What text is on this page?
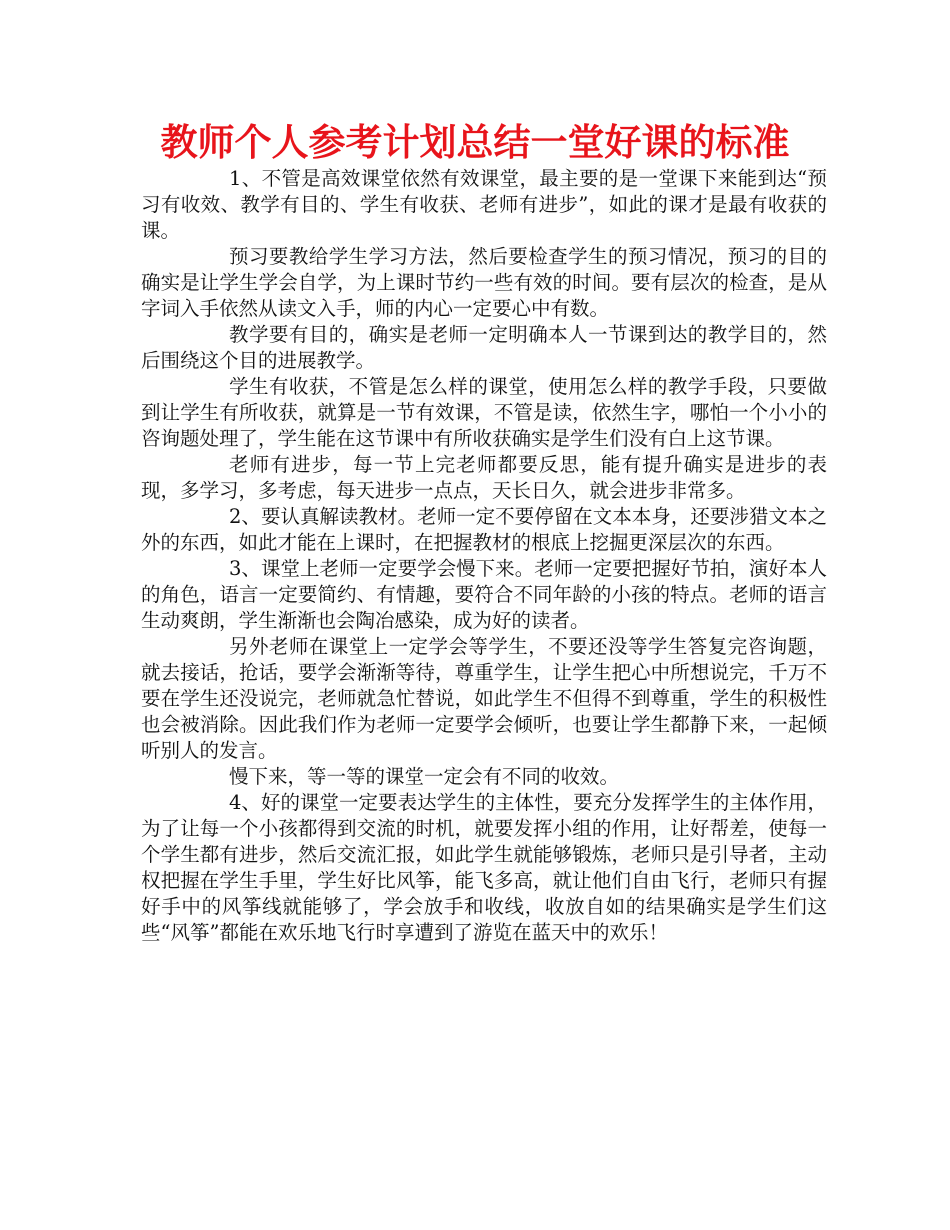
教师个人参考计划总结一堂好课的标准

1、不管是高效课堂依然有效课堂，最主要的是一堂课下来能到达“预习有收效、教学有目的、学生有收获、老师有进步”，如此的课才是最有收获的课。

预习要教给学生学习方法，然后要检查学生的预习情况，预习的目的确实是让学生学会自学，为上课时节约一些有效的时间。要有层次的检查，是从字词入手依然从读文入手，师的内心一定要心中有数。

教学要有目的，确实是老师一定明确本人一节课到达的教学目的，然后围绕这个目的进展教学。

学生有收获，不管是怎么样的课堂，使用怎么样的教学手段，只要做到让学生有所收获，就算是一节有效课，不管是读，依然生字，哪怕一个小小的咨询题处理了，学生能在这节课中有所收获确实是学生们没有白上这节课。

老师有进步，每一节上完老师都要反思，能有提升确实是进步的表现，多学习，多考虑，每天进步一点点，天长日久，就会进步非常多。

2、要认真解读教材。老师一定不要停留在文本本身，还要涉猎文本之外的东西，如此才能在上课时，在把握教材的根底上挖掘更深层次的东西。

3、课堂上老师一定要学会慢下来。老师一定要把握好节拍，演好本人的角色，语言一定要简约、有情趣，要符合不同年龄的小孩的特点。老师的语言生动爽朗，学生渐渐也会陶冶感染，成为好的读者。

另外老师在课堂上一定学会等学生，不要还没等学生答复完咨询题，就去接话，抢话，要学会渐渐等待，尊重学生，让学生把心中所想说完，千万不要在学生还没说完，老师就急忙替说，如此学生不但得不到尊重，学生的积极性也会被消除。因此我们作为老师一定要学会倾听，也要让学生都静下来，一起倾听别人的发言。

慢下来，等一等的课堂一定会有不同的收效。

4、好的课堂一定要表达学生的主体性，要充分发挥学生的主体作用，为了让每一个小孩都得到交流的时机，就要发挥小组的作用，让好帮差，使每一个学生都有进步，然后交流汇报，如此学生就能够锻炼，老师只是引导者，主动权把握在学生手里，学生好比风筝，能飞多高，就让他们自由飞行，老师只有握好手中的风筝线就能够了，学会放手和收线，收放自如的结果确实是学生们这些“风筝”都能在欢乐地飞行时享遭到了游览在蓝天中的欢乐！
